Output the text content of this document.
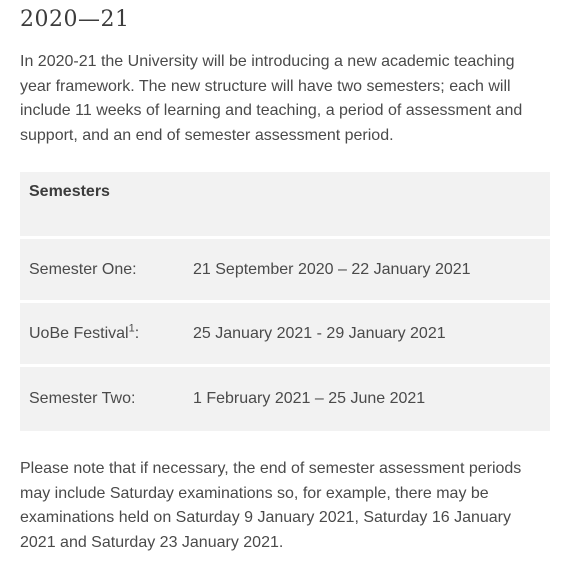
2020—21

In 2020-21 the University will be introducing a new academic teaching year framework. The new structure will have two semesters; each will include 11 weeks of learning and teaching, a period of assessment and support, and an end of semester assessment period.

Semesters
Semester One:	21 September 2020 – 22 January 2021
UoBe Festival$^1$:	25 January 2021 - 29 January 2021
Semester Two:	1 February 2021 – 25 June 2021

Please note that if necessary, the end of semester assessment periods may include Saturday examinations so, for example, there may be examinations held on Saturday 9 January 2021, Saturday 16 January 2021 and Saturday 23 January 2021.
